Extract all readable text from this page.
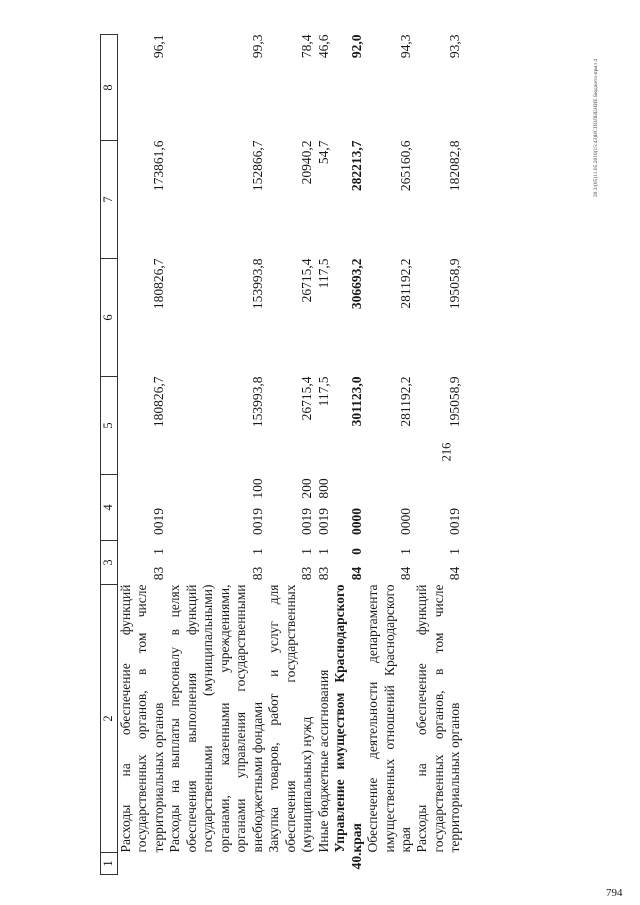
216
1	2	3		4		5	6	7	8
	Расходы на обеспечение функций государственных органов, в том числе территориальных органов	83	1	0019		180826,7	180826,7	173861,6	96,1
	Расходы на выплаты персоналу в целях обеспечения выполнения функций государственными (муниципальными) органами, казенными учреждениями, органами управления государственными внебюджетными фондами	83	1	0019	100	153993,8	153993,8	152866,7	99,3
	Закупка товаров, работ и услуг для обеспечения государственных (муниципальных) нужд	83	1	0019	200	26715,4	26715,4	20940,2	78,4
	Иные бюджетные ассигнования	83	1	0019	800	117,5	117,5	54,7	46,6
40.	Управление имуществом Краснодарского края	84	0	0000		301123,0	306693,2	282213,7	92,0
	Обеспечение деятельности департамента имущественных отношений Краснодарского края	84	1	0000		281192,2	281192,2	265160,6	94,3
	Расходы на обеспечение функций государственных органов, в том числе территориальных органов	84	1	0019		195058,9	195058,9	182082,8	93,3
20.3/(05)11.05.2016(15:43)ИСПОЛНЕНИЕ Бюджета-прил 4
794
